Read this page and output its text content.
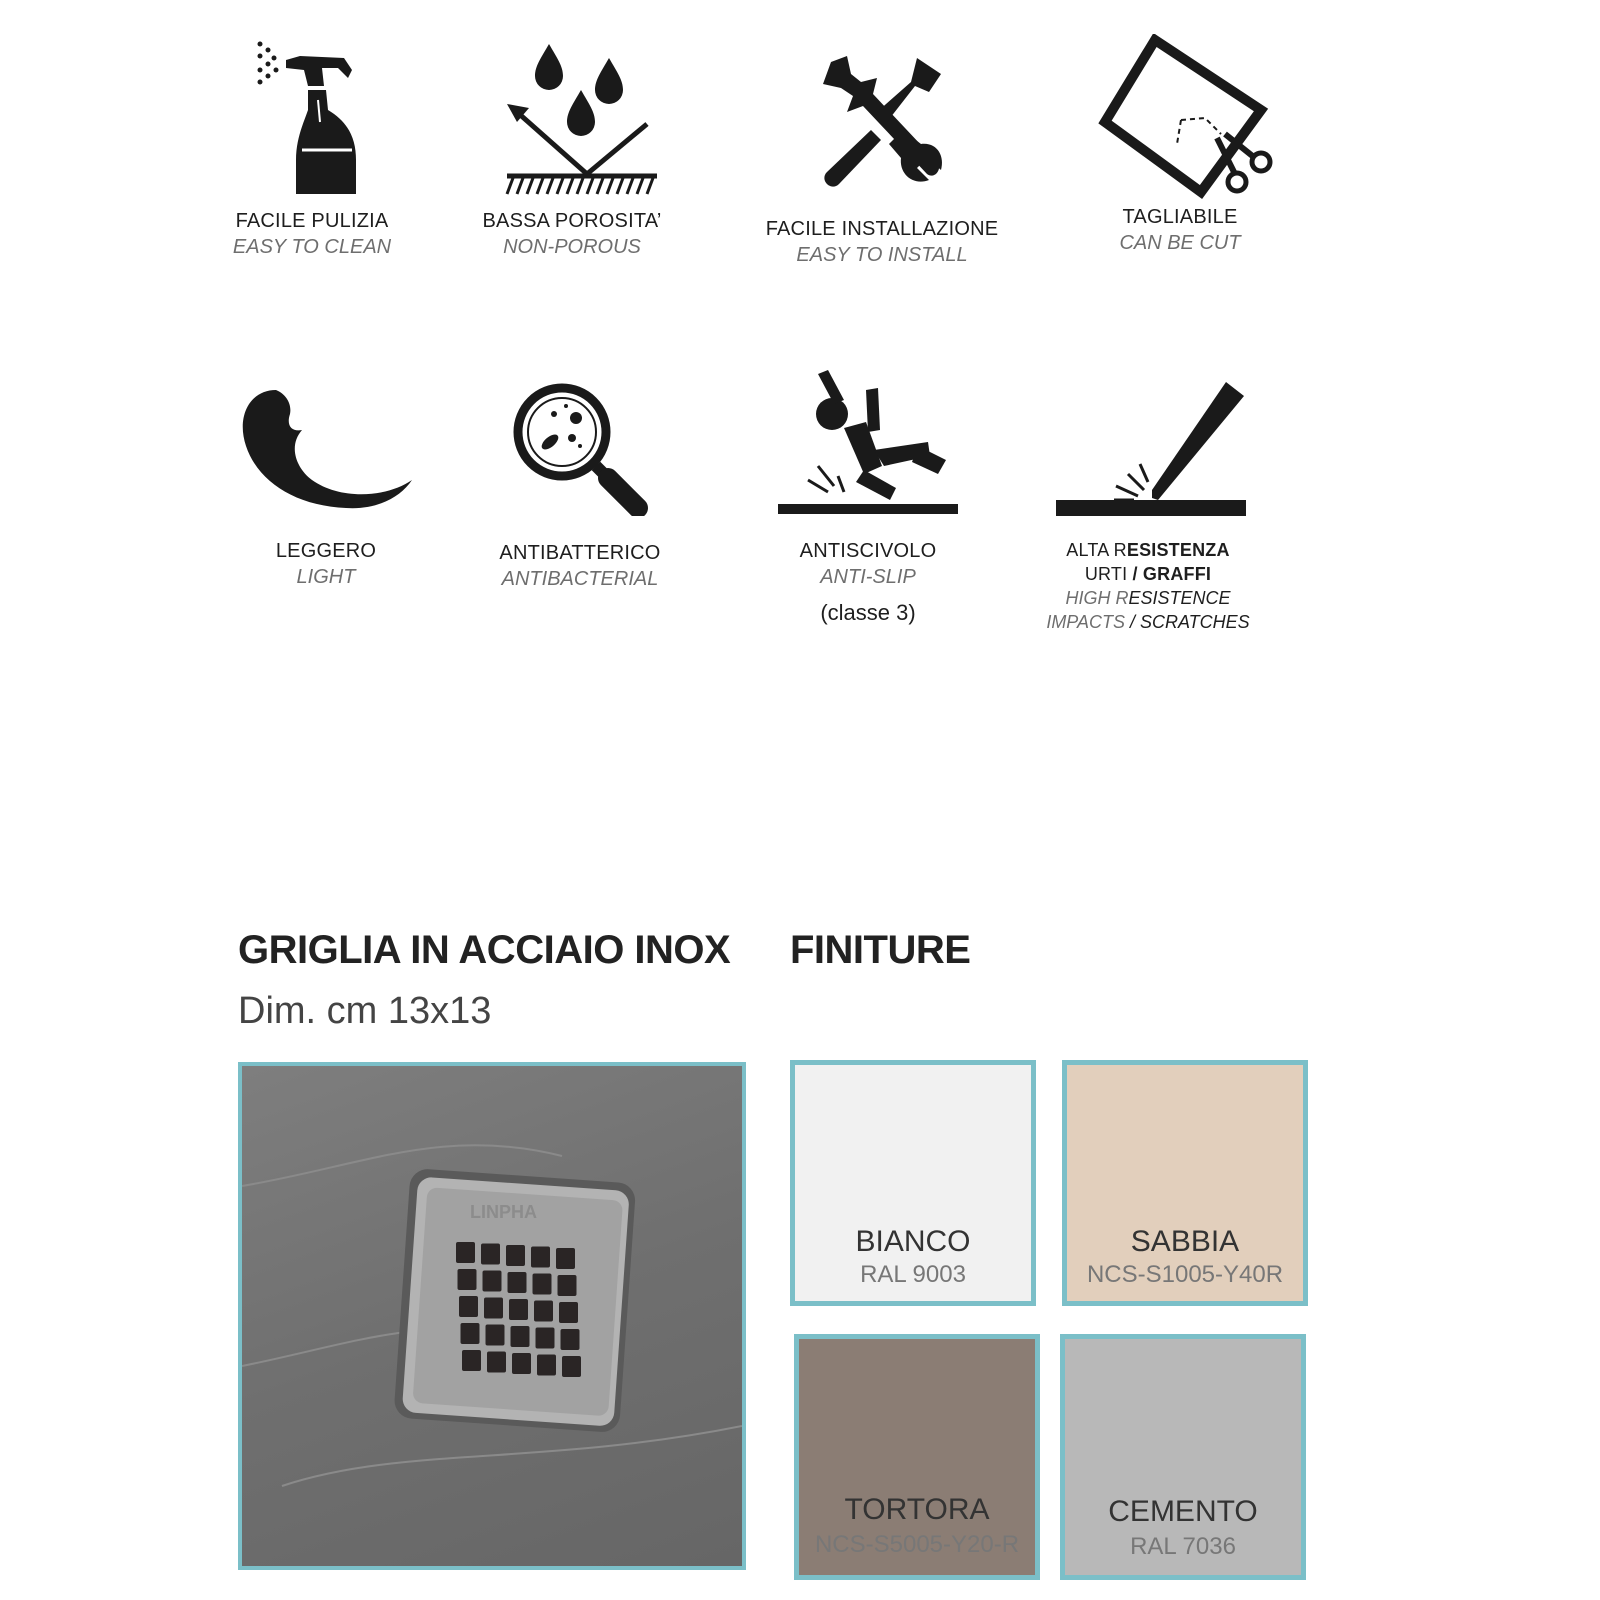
FACILE PULIZIA
EASY TO CLEAN
BASSA POROSITA’
NON-POROUS
FACILE INSTALLAZIONE
EASY TO INSTALL
TAGLIABILE
CAN BE CUT
LEGGERO
LIGHT
ANTIBATTERICO
ANTIBACTERIAL
ANTISCIVOLO
ANTI-SLIP
(classe 3)
ALTA RESISTENZA
URTI / GRAFFI
HIGH RESISTENCE
IMPACTS / SCRATCHES
GRIGLIA IN ACCIAIO INOX
Dim. cm 13x13
FINITURE
LINPHA
BIANCO
RAL 9003
SABBIA
NCS-S1005-Y40R
TORTORA
NCS-S5005-Y20-R
CEMENTO
RAL 7036
